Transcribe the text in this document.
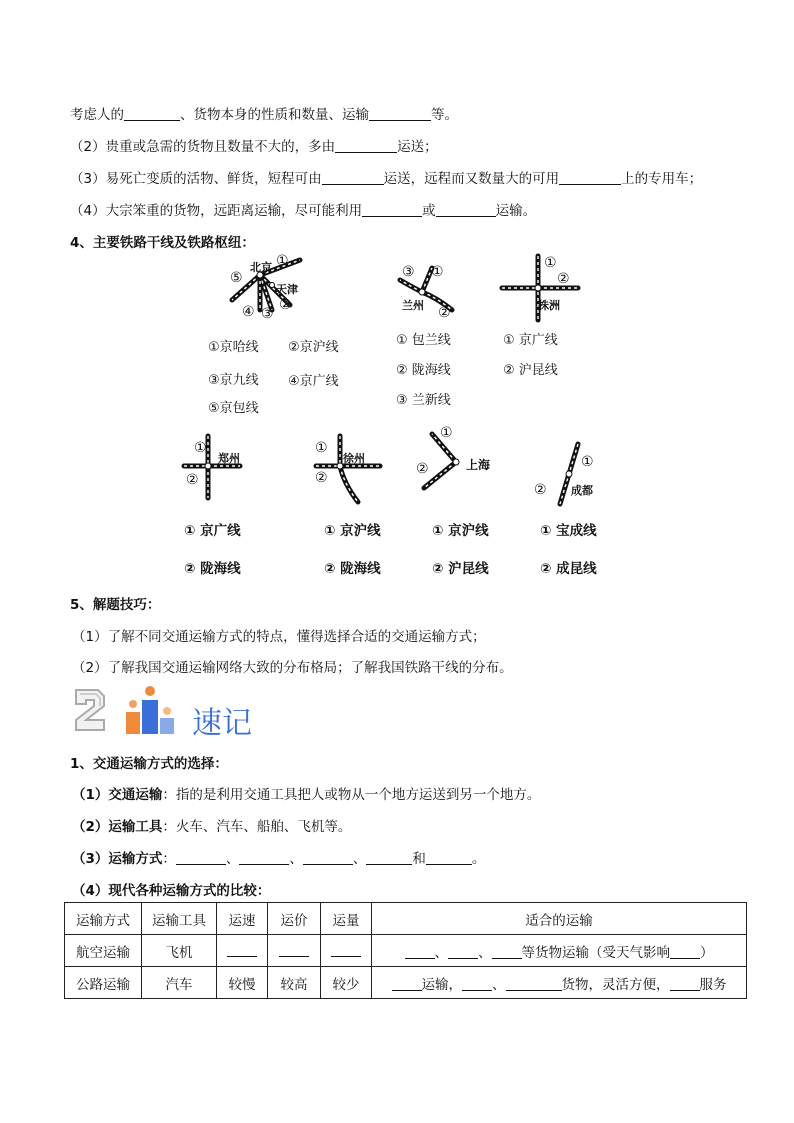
考虑人的	、货物本身的性质和数量、运输	等。
（2）贵重或急需的货物且数量不大的，多由	运送；
（3）易死亡变质的活物、鲜货，短程可由	运送，远程而又数量大的可用	上的专用车；
（4）大宗笨重的货物，远距离运输，尽可能利用	或	运输。
4、主要铁路干线及铁路枢纽：
北京
天津
①
②
③
④
⑤
①京哈线 ②京沪线
③京九线 ④京广线
⑤京包线
③ ①
兰州 ②
① 包兰线
② 陇海线
③ 兰新线
①
②
株洲
① 京广线
② 沪昆线
①
郑州
②
① 京广线
② 陇海线
①
徐州
②
① 京沪线
② 陇海线
①
上海
②
① 京沪线
② 沪昆线
①
② 成都
① 宝成线
② 成昆线
5、解题技巧：
（1）了解不同交通运输方式的特点，懂得选择合适的交通运输方式；
（2）了解我国交通运输网络大致的分布格局；了解我国铁路干线的分布。
速记
1、交通运输方式的选择：
（1）交通运输：指的是利用交通工具把人或物从一个地方运送到另一个地方。
（2）运输工具：火车、汽车、船舶、飞机等。
（3）运输方式：	、	、	、	和	。
（4）现代各种运输方式的比较：
运输方式	运输工具	运速	运价	运量	适合的运输
航空运输	飞机				、 、 等货物运输（受天气影响 ）
公路运输	汽车	较慢	较高	较少	运输， 、 货物，灵活方便， 服务
